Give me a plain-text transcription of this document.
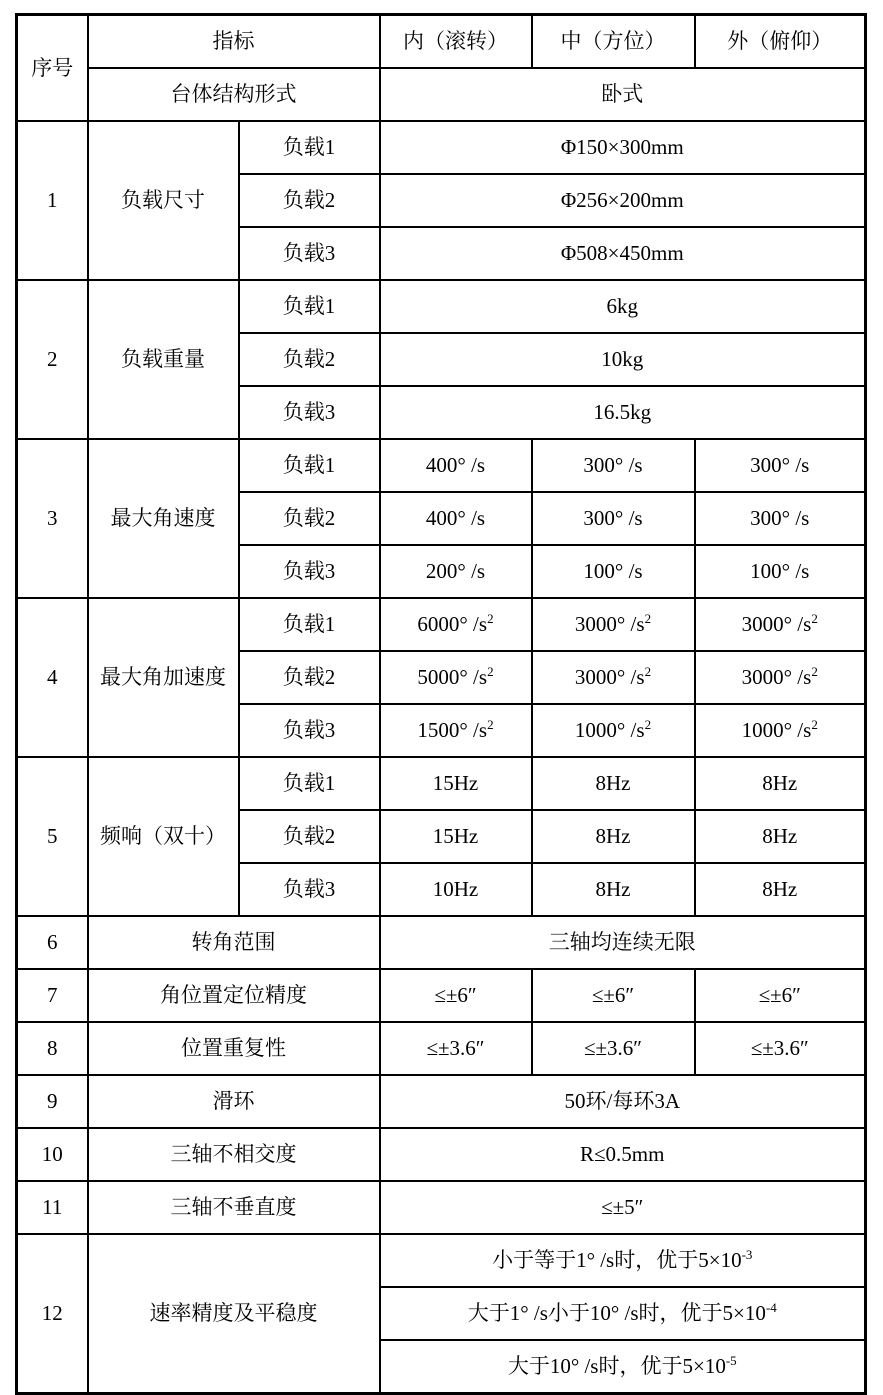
序号	指标		内（滚转）	中（方位）	外（俯仰）
	台体结构形式		卧式		
1	负载尺寸	负载1	Φ150×300mm		
		负载2	Φ256×200mm		
		负载3	Φ508×450mm		
2	负载重量	负载1	6kg		
		负载2	10kg		
		负载3	16.5kg		
3	最大角速度	负载1	400° /s	300° /s	300° /s
		负载2	400° /s	300° /s	300° /s
		负载3	200° /s	100° /s	100° /s
4	最大角加速度	负载1	6000° $/s^2$	3000° $/s^2$	3000° $/s^2$
		负载2	5000° $/s^2$	3000° $/s^2$	3000° $/s^2$
		负载3	1500° $/s^2$	1000° $/s^2$	1000° $/s^2$
5	频响（双十）	负载1	15Hz	8Hz	8Hz
		负载2	15Hz	8Hz	8Hz
		负载3	10Hz	8Hz	8Hz
6	转角范围		三轴均连续无限		
7	角位置定位精度		≤±6″	≤±6″	≤±6″
8	位置重复性		≤±3.6″	≤±3.6″	≤±3.6″
9	滑环		50环/每环3A		
10	三轴不相交度		R≤0.5mm		
11	三轴不垂直度		≤±5″		
12	速率精度及平稳度		小于等于1° /s时，优于$5\times 10^{-3}$
			大于1° /s小于10° /s时，优于$5\times 10^{-4}$
			大于10° /s时，优于$5\times 10^{-5}$
